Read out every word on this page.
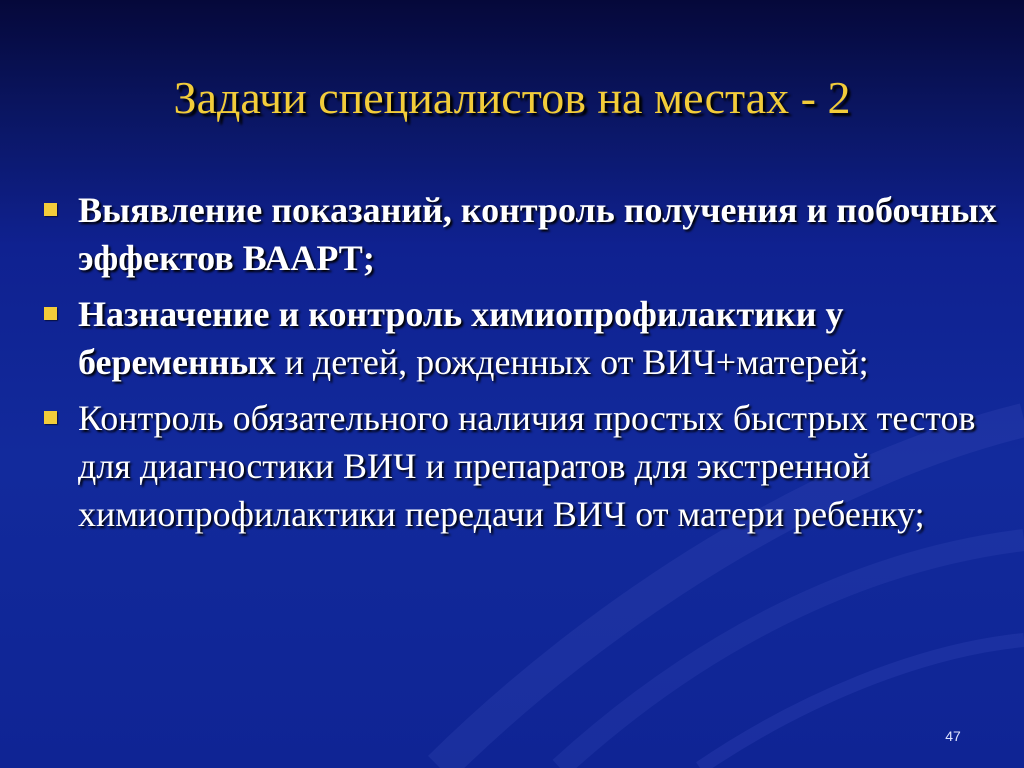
Задачи специалистов на местах - 2
Выявление показаний, контроль получения и побочных эффектов ВААРТ;
Назначение и контроль химиопрофилактики у беременных и детей, рожденных от ВИЧ+матерей;
Контроль обязательного наличия простых быстрых тестов для диагностики ВИЧ и препаратов для экстренной химиопрофилактики передачи ВИЧ от матери ребенку;
47
